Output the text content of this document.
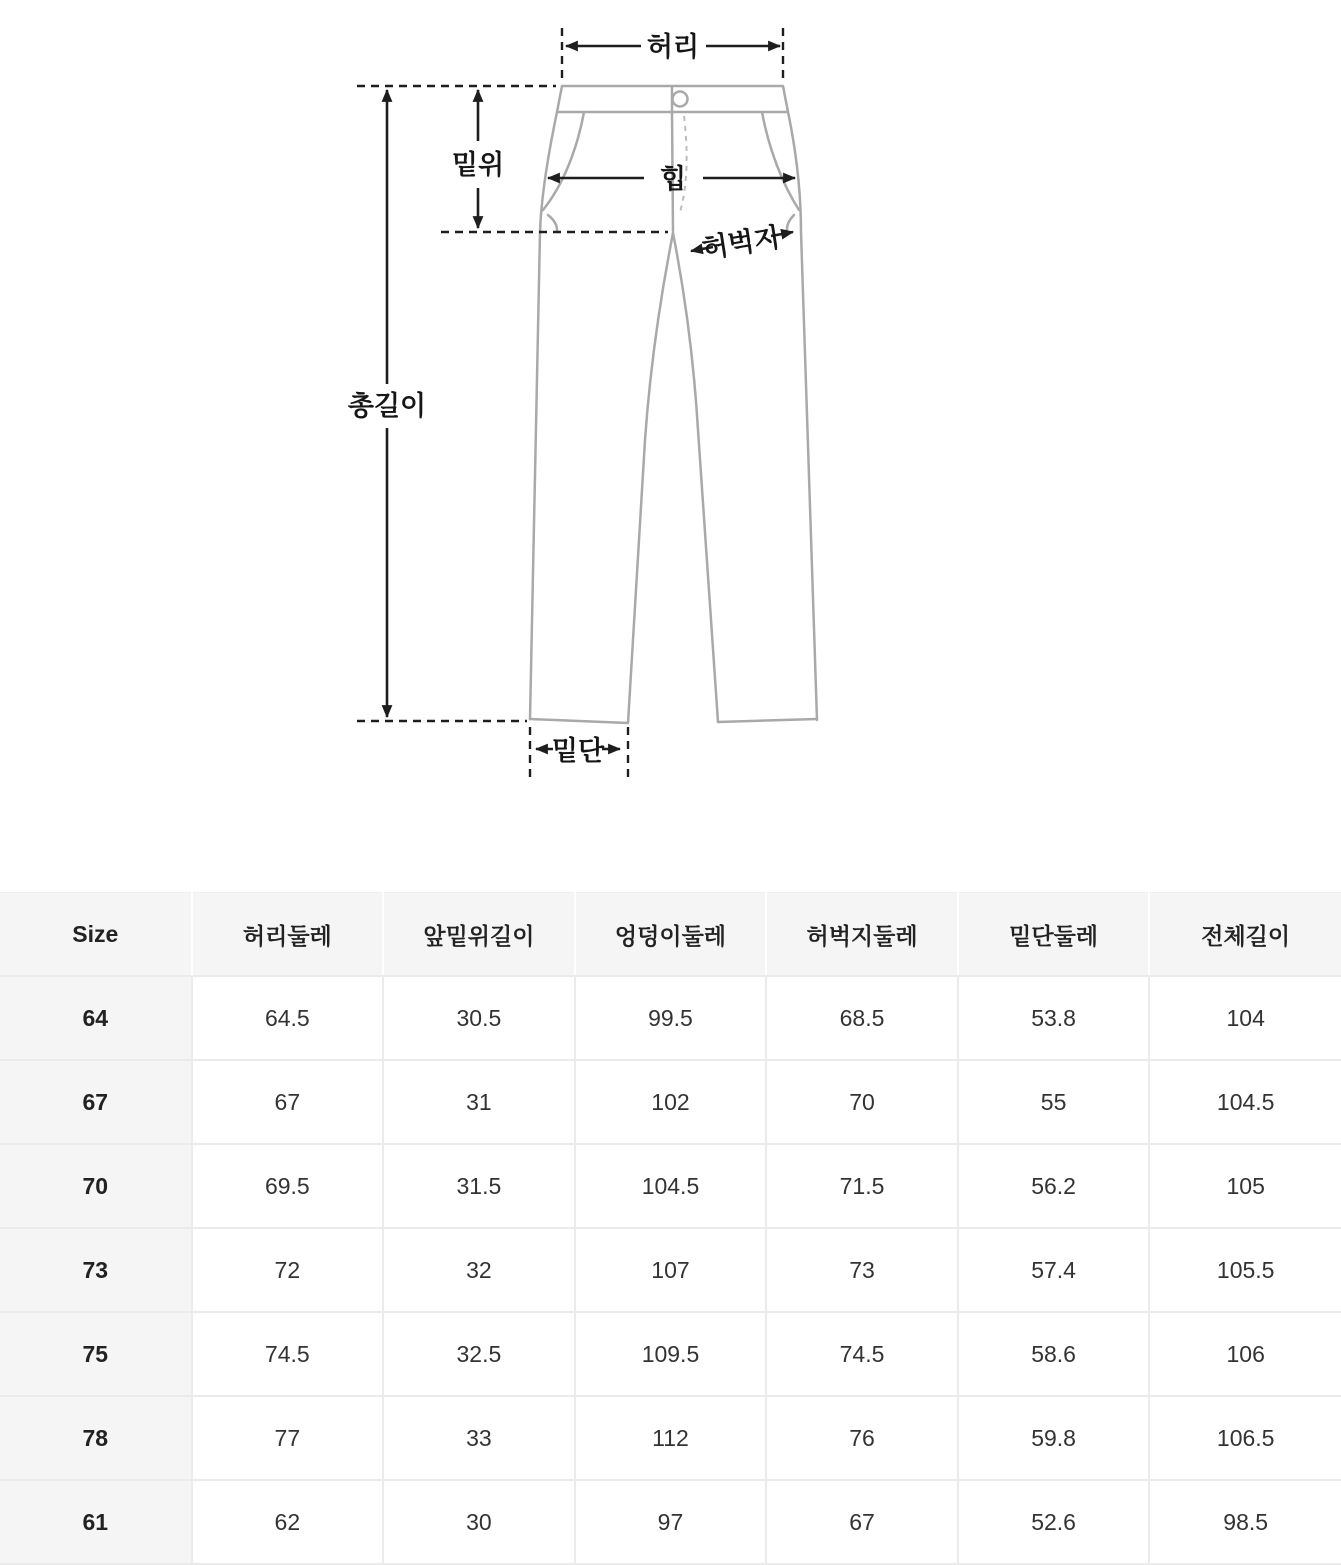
허리
밑위
총길이
힙
허벅지
밑단
Size	허리둘레	앞밑위길이	엉덩이둘레	허벅지둘레	밑단둘레	전체길이
64	64.5	30.5	99.5	68.5	53.8	104
67	67	31	102	70	55	104.5
70	69.5	31.5	104.5	71.5	56.2	105
73	72	32	107	73	57.4	105.5
75	74.5	32.5	109.5	74.5	58.6	106
78	77	33	112	76	59.8	106.5
61	62	30	97	67	52.6	98.5
